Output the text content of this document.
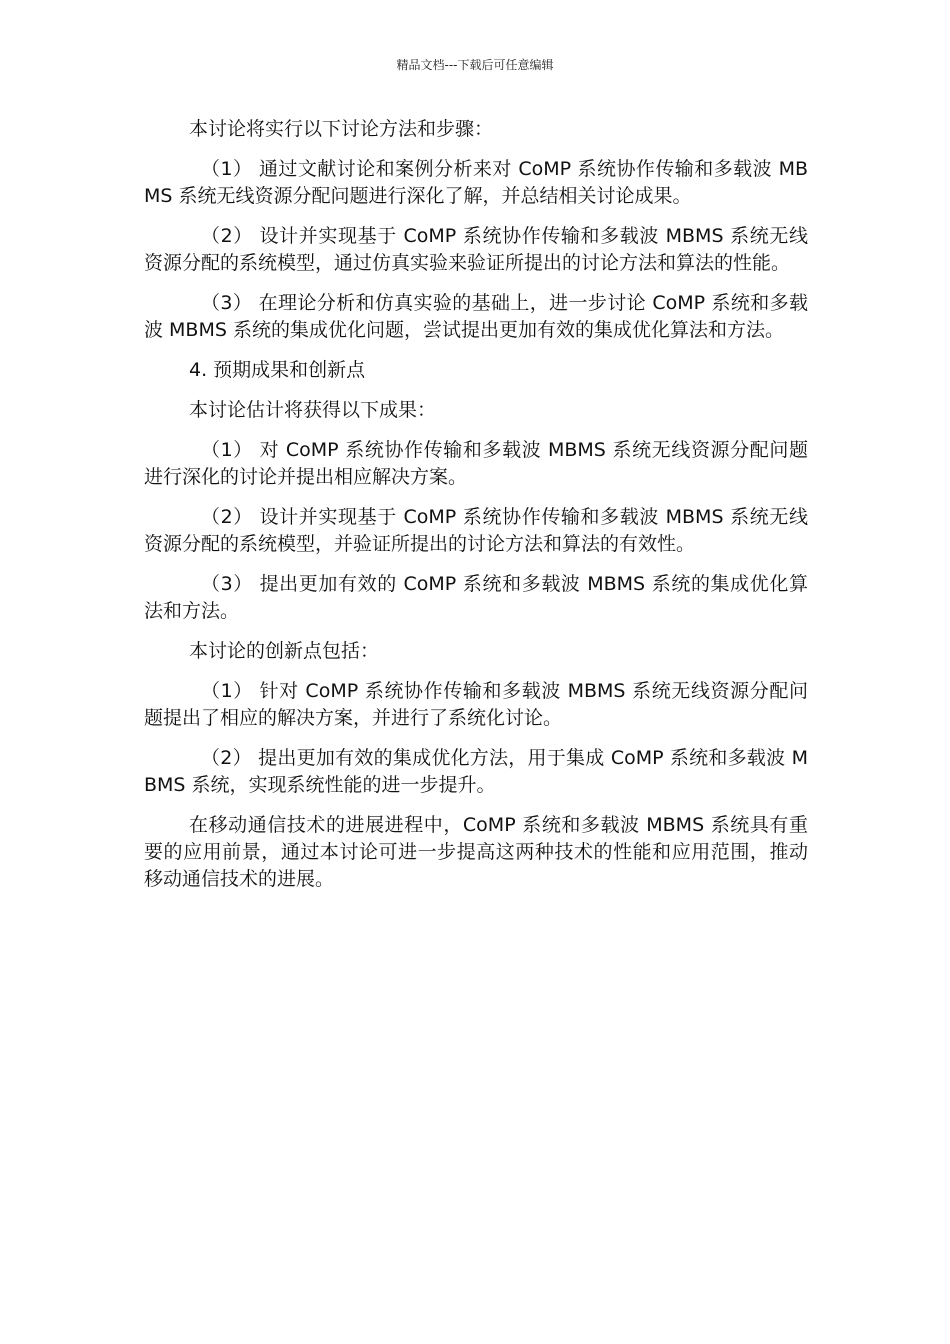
精品文档---下载后可任意编辑

本讨论将实行以下讨论方法和步骤：

（1） 通过文献讨论和案例分析来对 CoMP 系统协作传输和多载波 MBMS 系统无线资源分配问题进行深化了解，并总结相关讨论成果。

（2） 设计并实现基于 CoMP 系统协作传输和多载波 MBMS 系统无线资源分配的系统模型，通过仿真实验来验证所提出的讨论方法和算法的性能。

（3） 在理论分析和仿真实验的基础上，进一步讨论 CoMP 系统和多载波 MBMS 系统的集成优化问题，尝试提出更加有效的集成优化算法和方法。

4. 预期成果和创新点

本讨论估计将获得以下成果：

（1） 对 CoMP 系统协作传输和多载波 MBMS 系统无线资源分配问题进行深化的讨论并提出相应解决方案。

（2） 设计并实现基于 CoMP 系统协作传输和多载波 MBMS 系统无线资源分配的系统模型，并验证所提出的讨论方法和算法的有效性。

（3） 提出更加有效的 CoMP 系统和多载波 MBMS 系统的集成优化算法和方法。

本讨论的创新点包括：

（1） 针对 CoMP 系统协作传输和多载波 MBMS 系统无线资源分配问题提出了相应的解决方案，并进行了系统化讨论。

（2） 提出更加有效的集成优化方法，用于集成 CoMP 系统和多载波 MBMS 系统，实现系统性能的进一步提升。

在移动通信技术的进展进程中，CoMP 系统和多载波 MBMS 系统具有重要的应用前景，通过本讨论可进一步提高这两种技术的性能和应用范围，推动移动通信技术的进展。
